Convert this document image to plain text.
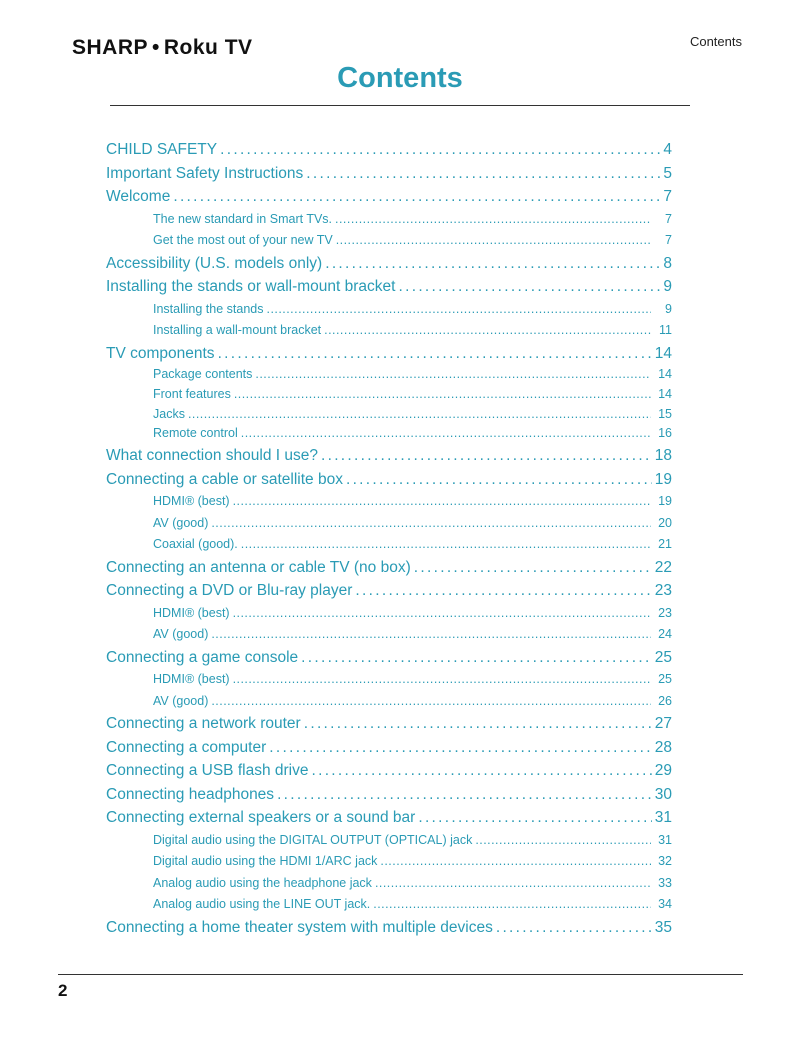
SHARP • Roku TV	Contents
Contents
CHILD SAFETY . . .	4
Important Safety Instructions . . .	5
Welcome . . .	7
The new standard in Smart TVs. . . .	7
Get the most out of your new TV . . .	7
Accessibility (U.S. models only) . . .	8
Installing the stands or wall-mount bracket . . .	9
Installing the stands . . .	9
Installing a wall-mount bracket . . .	11
TV components . . .	14
Package contents . . .	14
Front features . . .	14
Jacks . . .	15
Remote control . . .	16
What connection should I use? . . .	18
Connecting a cable or satellite box . . .	19
HDMI® (best) . . .	19
AV (good) . . .	20
Coaxial (good). . . .	21
Connecting an antenna or cable TV (no box) . . .	22
Connecting a DVD or Blu-ray player . . .	23
HDMI® (best) . . .	23
AV (good) . . .	24
Connecting a game console . . .	25
HDMI® (best) . . .	25
AV (good) . . .	26
Connecting a network router . . .	27
Connecting a computer . . .	28
Connecting a USB flash drive . . .	29
Connecting headphones . . .	30
Connecting external speakers or a sound bar . . .	31
Digital audio using the DIGITAL OUTPUT (OPTICAL) jack . . .	31
Digital audio using the HDMI 1/ARC jack . . .	32
Analog audio using the headphone jack . . .	33
Analog audio using the LINE OUT jack. . . .	34
Connecting a home theater system with multiple devices . . .	35
2
